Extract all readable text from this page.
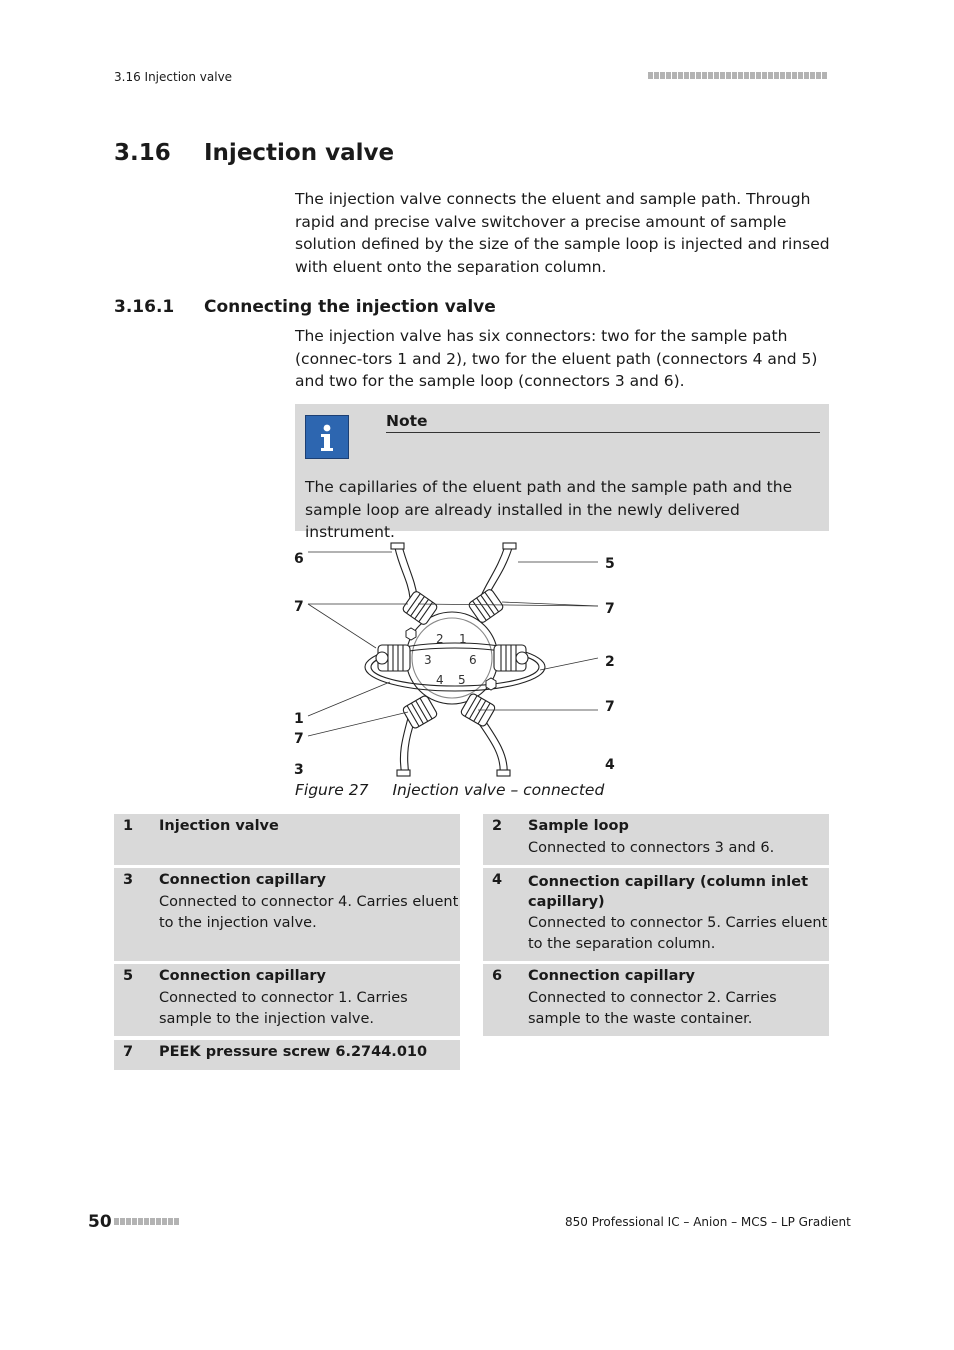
3.16 Injection valve
3.16 Injection valve
The injection valve connects the eluent and sample path. Through rapid and precise valve switchover a precise amount of sample solution defined by the size of the sample loop is injected and rinsed with eluent onto the separation column.
3.16.1 Connecting the injection valve
The injection valve has six connectors: two for the sample path (connec-tors 1 and 2), two for the eluent path (connectors 4 and 5) and two for the sample loop (connectors 3 and 6).
Note
The capillaries of the eluent path and the sample path and the sample loop are already installed in the newly delivered instrument.
2 1
3	6
4 5
6
7
1
7
3
5
7
2
7
4
Figure 27 Injection valve – connected
1 Injection valve	2 Sample loop
Connected to connectors 3 and 6.
3 Connection capillary
Connected to connector 4. Carries eluent to the injection valve.
4 Connection capillary (column inlet capillary)
Connected to connector 5. Carries eluent to the separation column.
5 Connection capillary
Connected to connector 1. Carries sample to the injection valve.
6 Connection capillary
Connected to connector 2. Carries sample to the waste container.
7 PEEK pressure screw 6.2744.010
50	850 Professional IC – Anion – MCS – LP Gradient
